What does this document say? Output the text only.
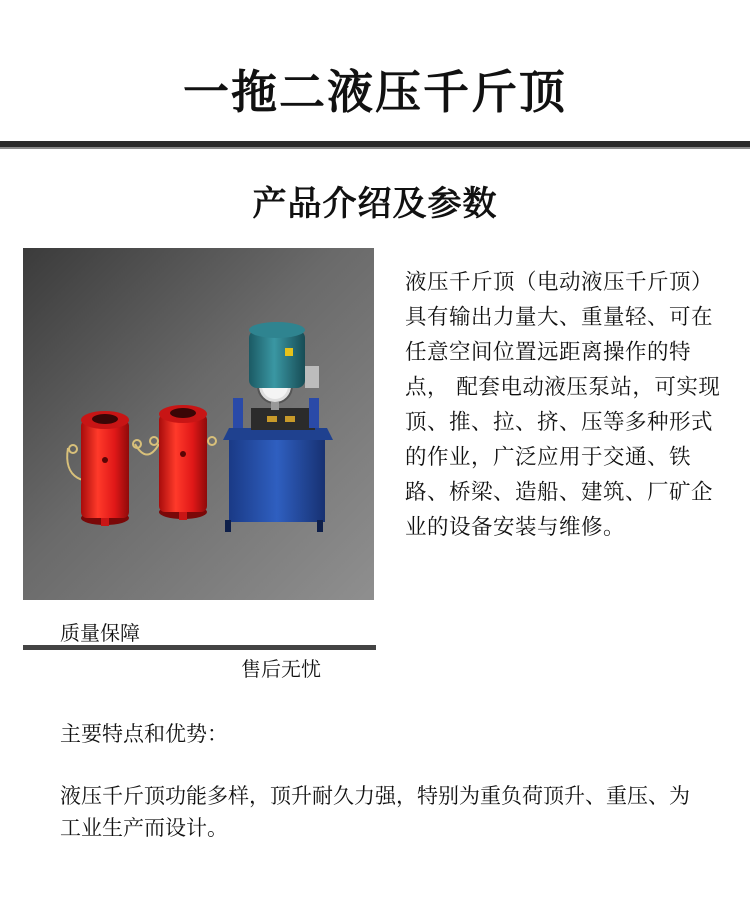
一拖二液压千斤顶
产品介绍及参数
液压千斤顶（电动液压千斤顶）具有输出力量大、重量轻、可在任意空间位置远距离操作的特点， 配套电动液压泵站，可实现顶、推、拉、挤、压等多种形式的作业，广泛应用于交通、铁路、桥梁、造船、建筑、厂矿企业的设备安装与维修。
质量保障
售后无忧
主要特点和优势：
液压千斤顶功能多样，顶升耐久力强，特别为重负荷顶升、重压、为工业生产而设计。
